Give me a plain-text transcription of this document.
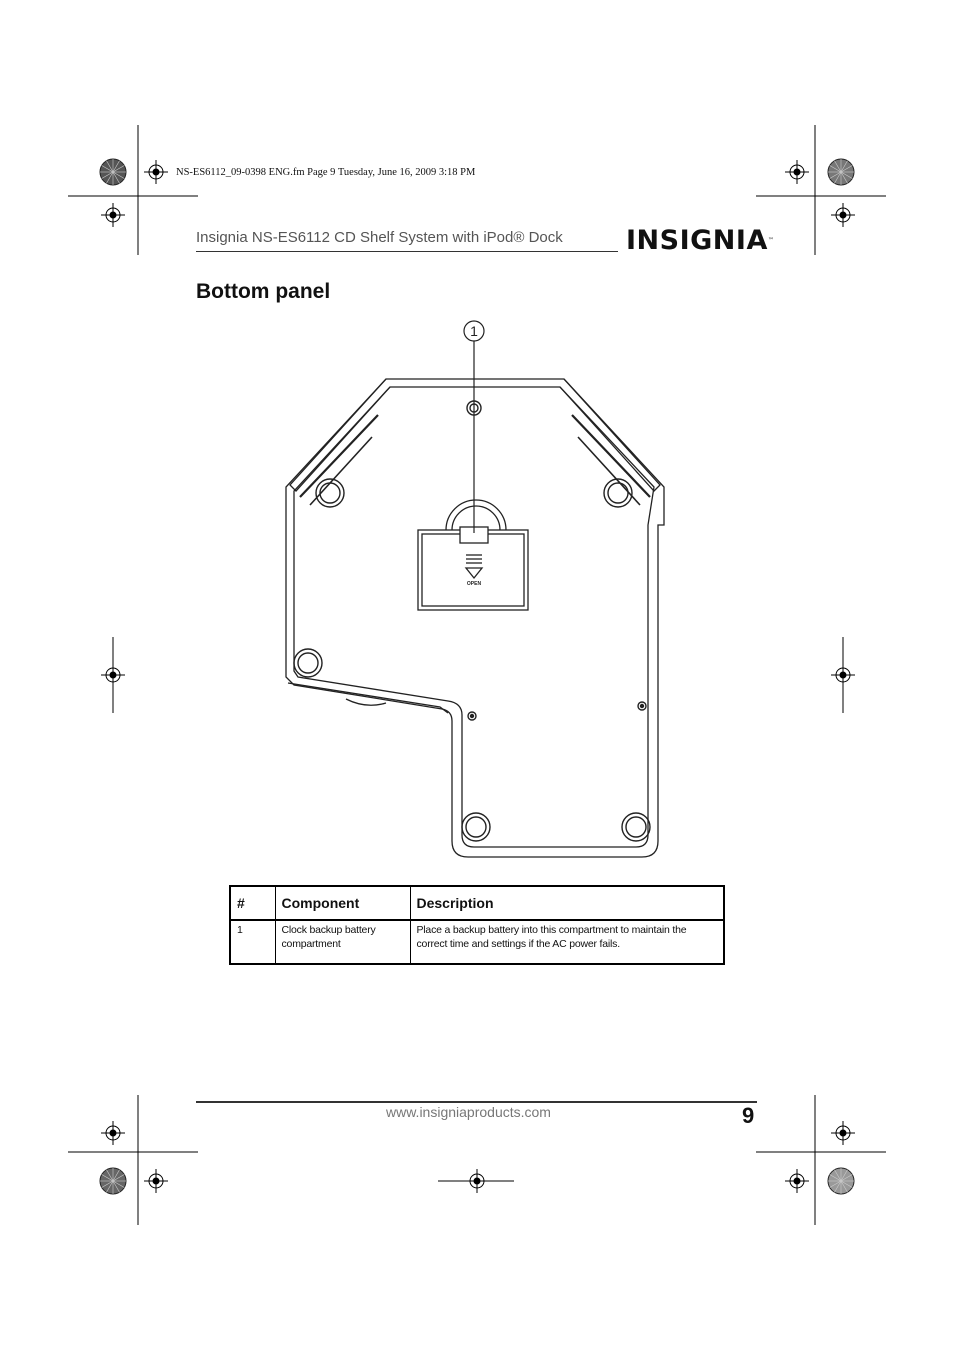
NS-ES6112_09-0398 ENG.fm Page 9 Tuesday, June 16, 2009 3:18 PM
Insignia NS-ES6112 CD Shelf System with iPod® Dock INSIGNIA™
Bottom panel
OPEN
1
#	Component	Description
1	Clock backup battery compartment	Place a backup battery into this compartment to maintain the correct time and settings if the AC power fails.
www.insigniaproducts.com	9
